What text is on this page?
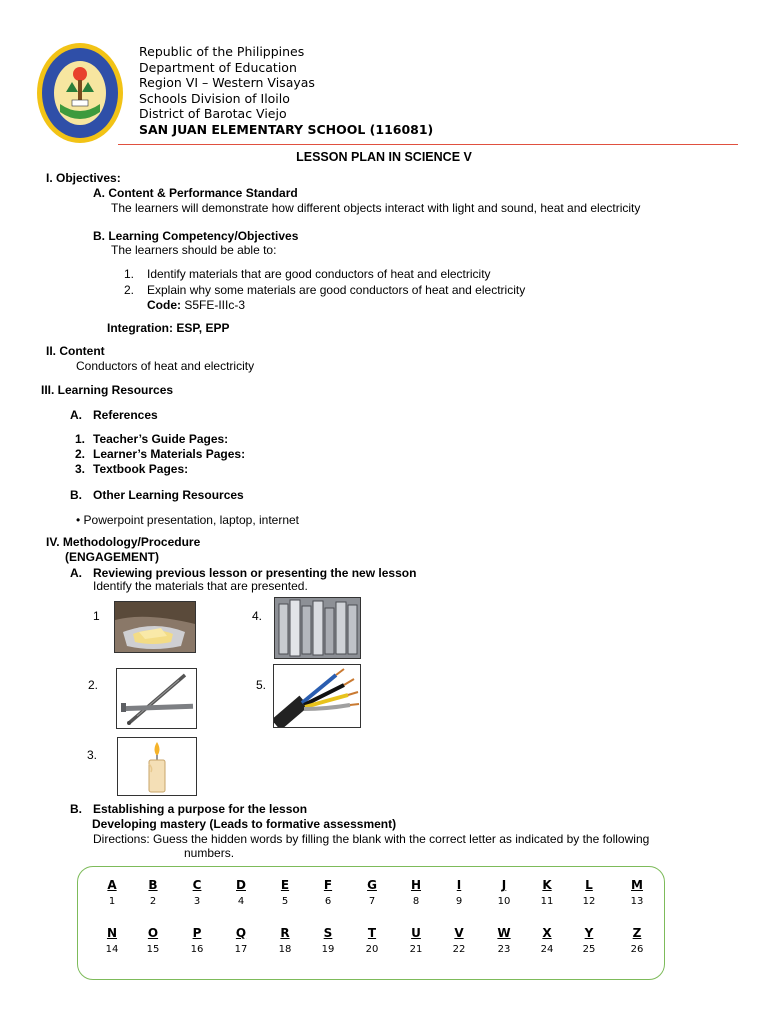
Republic of the Philippines
Department of Education
Region VI – Western Visayas
Schools Division of Iloilo
District of Barotac Viejo
SAN JUAN ELEMENTARY SCHOOL (116081)
LESSON PLAN IN SCIENCE V
I. Objectives:
A. Content & Performance Standard
The learners will demonstrate how different objects interact with light and sound, heat and electricity
B. Learning Competency/Objectives
The learners should be able to:
1. Identify materials that are good conductors of heat and electricity
2. Explain why some materials are good conductors of heat and electricity
Code: S5FE-IIIc-3
Integration: ESP, EPP
II. Content
Conductors of heat and electricity
III. Learning Resources
A. References
1. Teacher’s Guide Pages:
2. Learner’s Materials Pages:
3. Textbook Pages:
B. Other Learning Resources
• Powerpoint presentation, laptop, internet
IV. Methodology/Procedure
(ENGAGEMENT)
A. Reviewing previous lesson or presenting the new lesson
Identify the materials that are presented.
1	4.
2.	5.
3.
B. Establishing a purpose for the lesson
Developing mastery (Leads to formative assessment)
Directions: Guess the hidden words by filling the blank with the correct letter as indicated by the following
numbers.
A
1
B
2
C
3
D
4
E
5
F
6
G
7
H
8
I
9
J
10
K
11
L
12
M
13
N
14
O
15
P
16
Q
17
R
18
S
19
T
20
U
21
V
22
W
23
X
24
Y
25
Z
26
